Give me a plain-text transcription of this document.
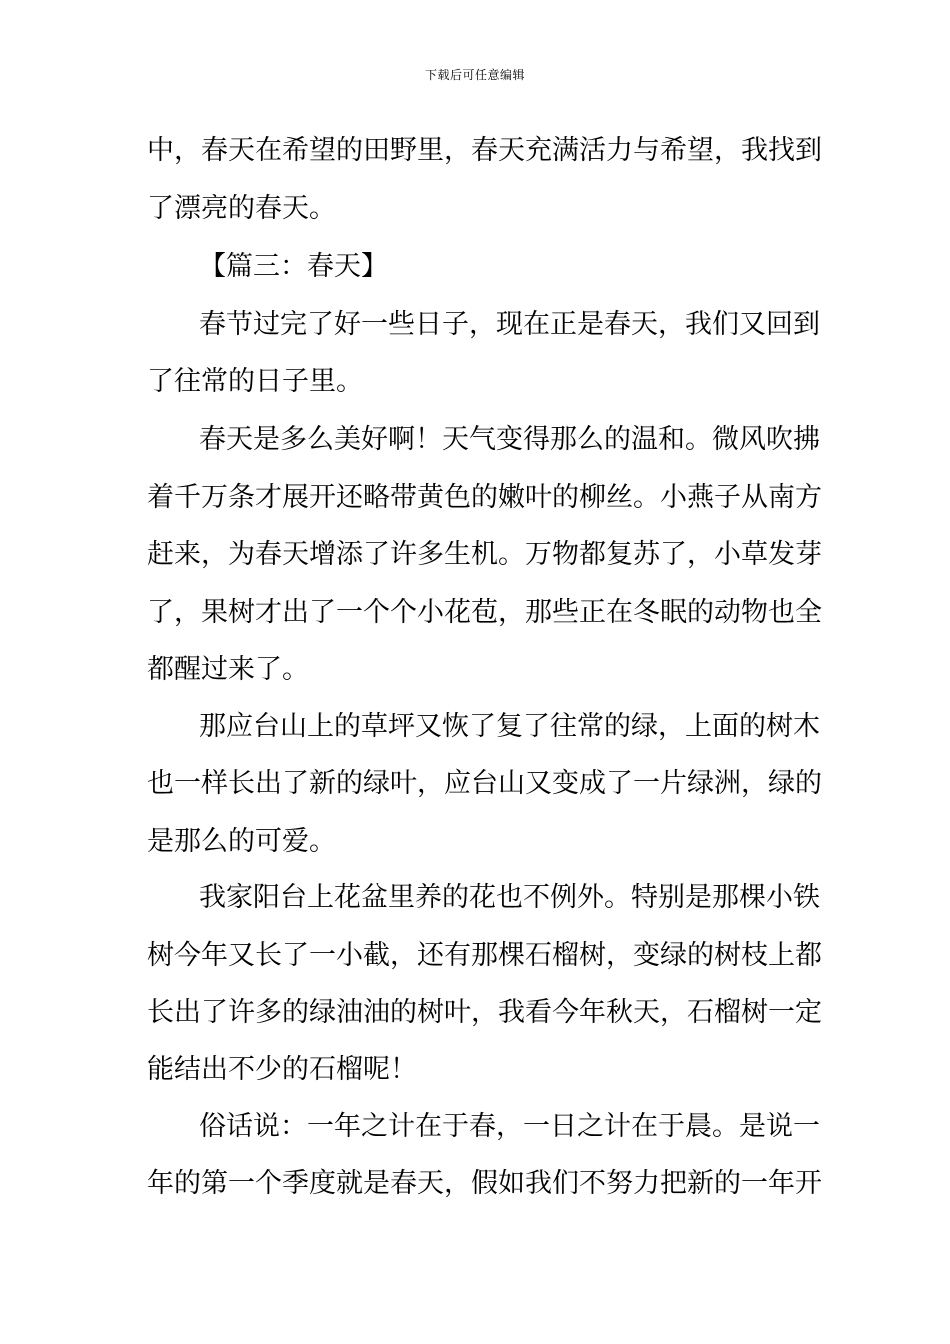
下载后可任意编辑
中，春天在希望的田野里，春天充满活力与希望，我找到
了漂亮的春天。
【篇三：春天】
春节过完了好一些日子，现在正是春天，我们又回到
了往常的日子里。
春天是多么美好啊！天气变得那么的温和。微风吹拂
着千万条才展开还略带黄色的嫩叶的柳丝。小燕子从南方
赶来，为春天增添了许多生机。万物都复苏了，小草发芽
了，果树才出了一个个小花苞，那些正在冬眠的动物也全
都醒过来了。
那应台山上的草坪又恢了复了往常的绿，上面的树木
也一样长出了新的绿叶，应台山又变成了一片绿洲，绿的
是那么的可爱。
我家阳台上花盆里养的花也不例外。特别是那棵小铁
树今年又长了一小截，还有那棵石榴树，变绿的树枝上都
长出了许多的绿油油的树叶，我看今年秋天，石榴树一定
能结出不少的石榴呢！
俗话说：一年之计在于春，一日之计在于晨。是说一
年的第一个季度就是春天，假如我们不努力把新的一年开
